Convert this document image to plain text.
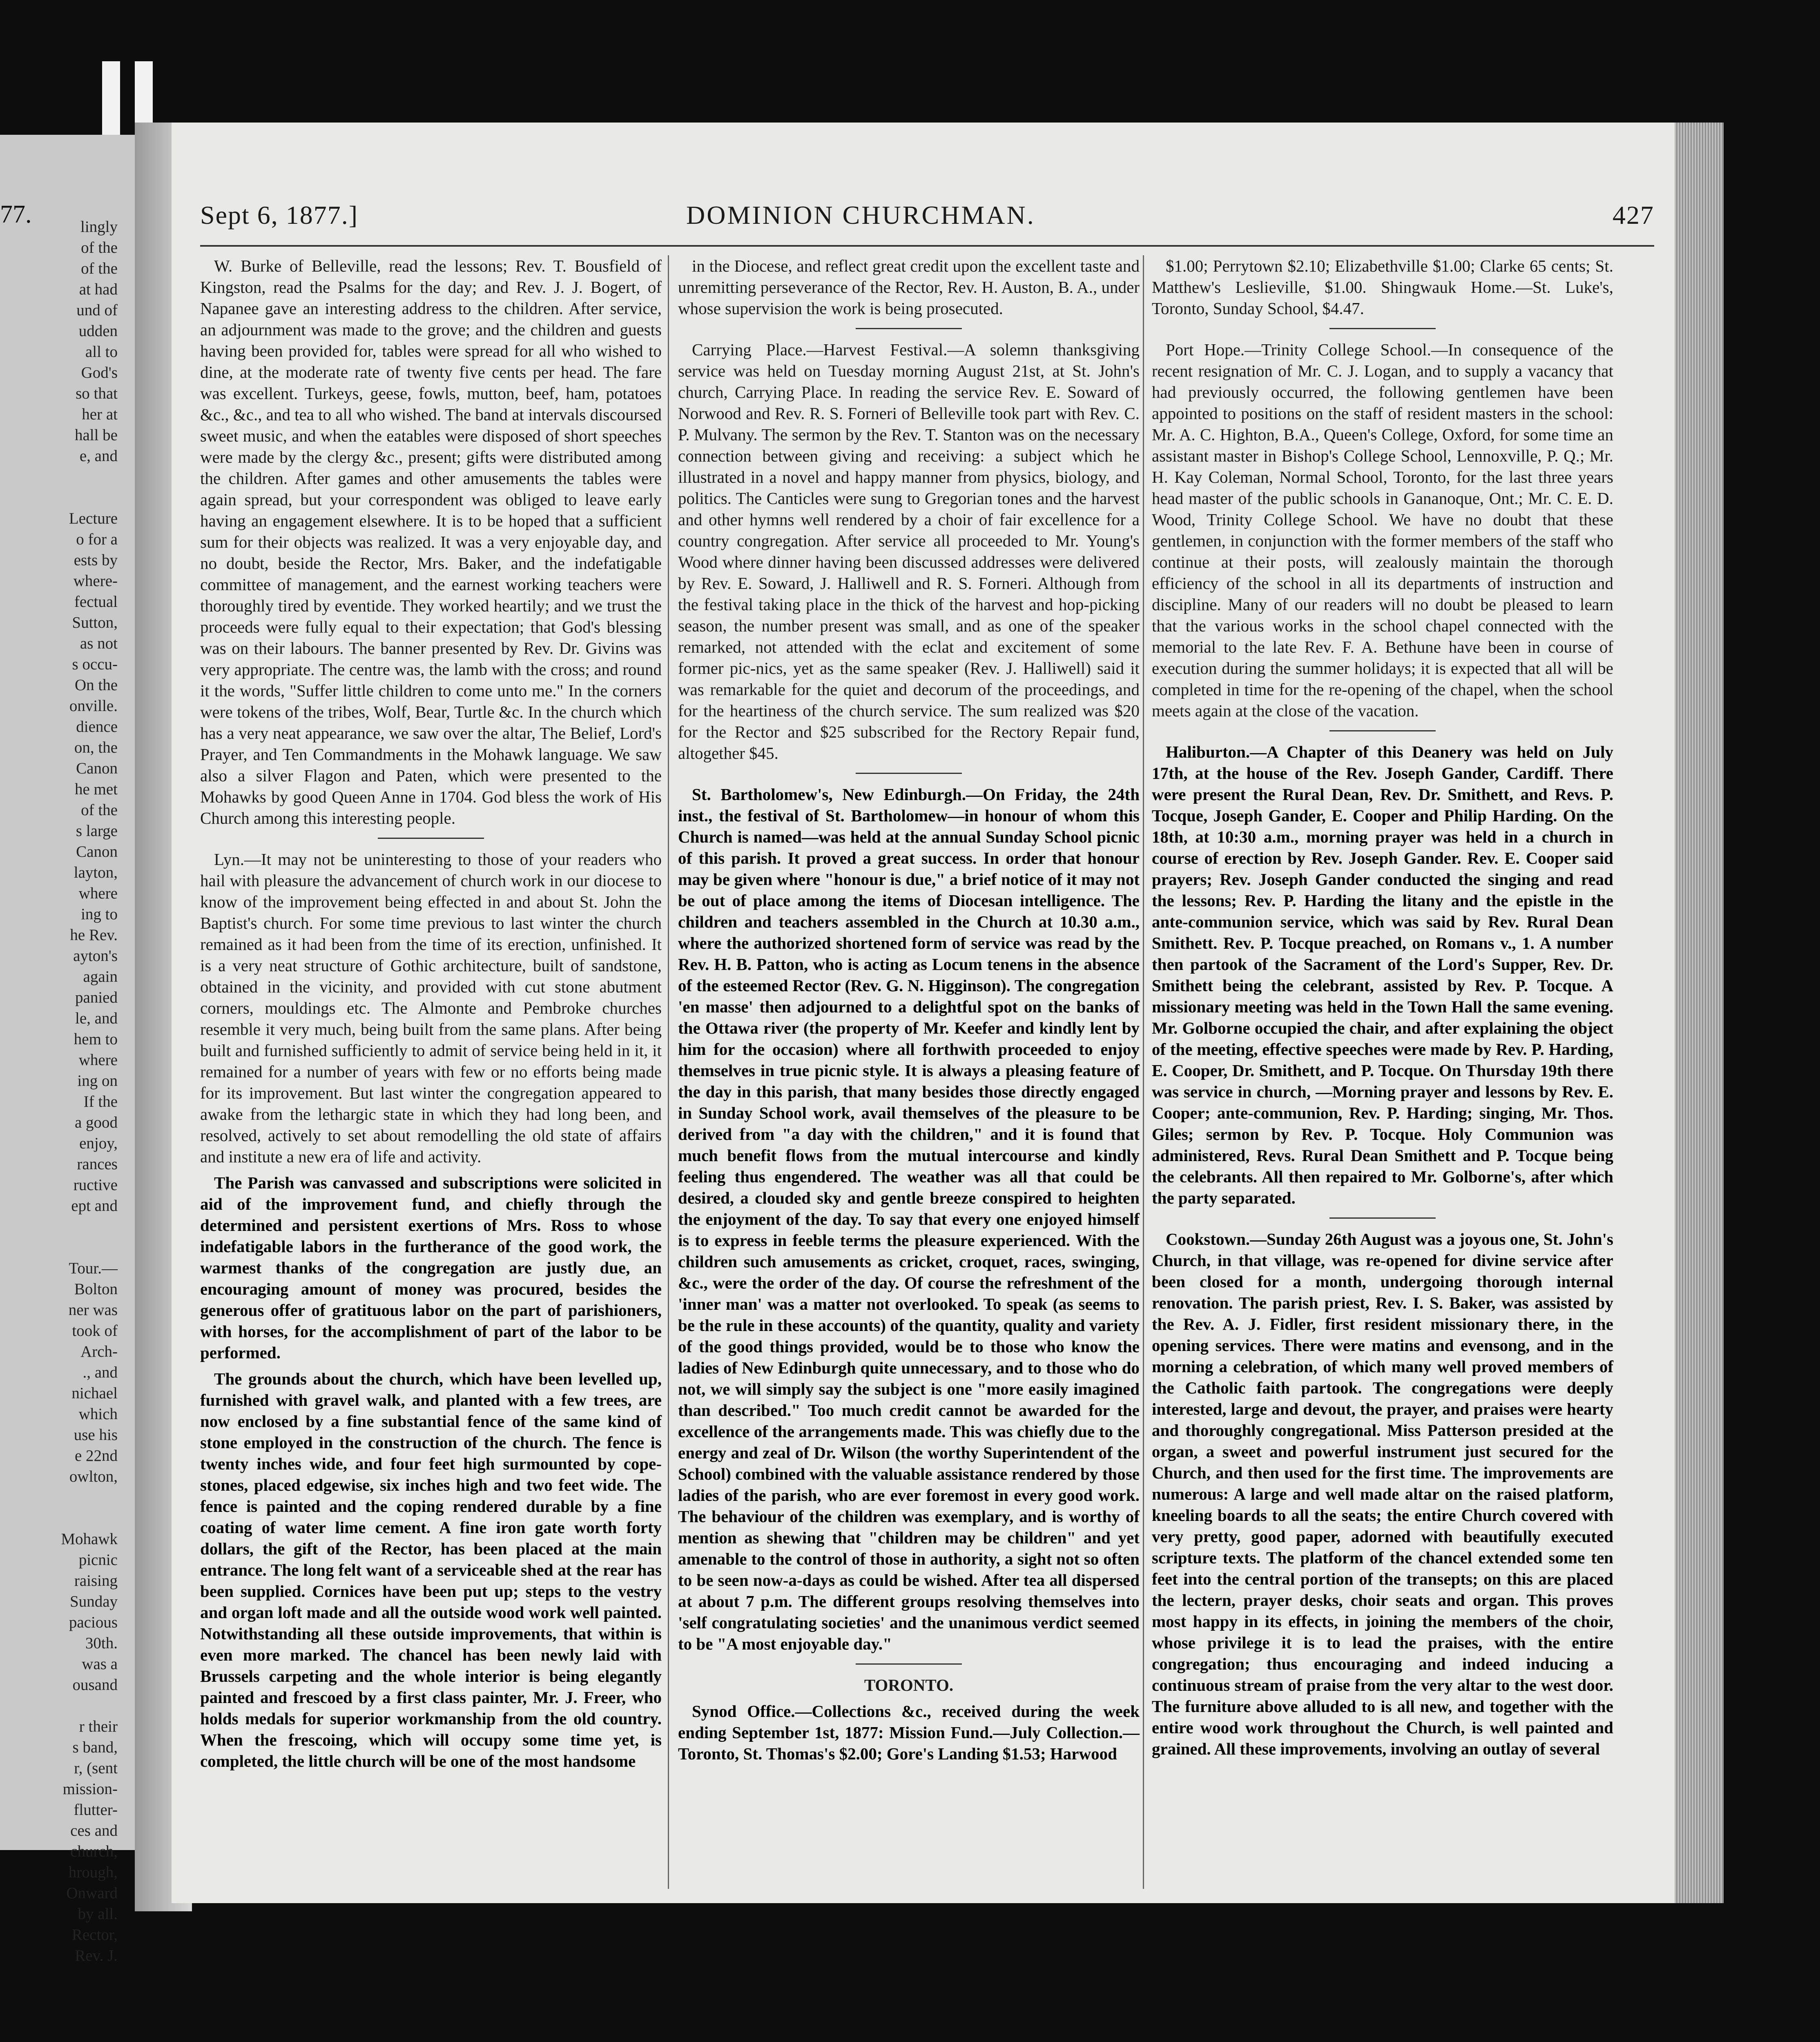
77.	lingly
of the
of the
at had
und of
udden
all to
God's
so that
her at
hall be
e, and

Lecture
o for a
ests by
where-
fectual
Sutton,
as not
s occu-
On the
onville.
dience
on, the
Canon
he met
of the
s large
Canon
layton,
where
ing to
he Rev.
ayton's
again
panied
le, and
hem to
where
ing on
If the
a good
enjoy,
rances
ructive
ept and

Tour.—
Bolton
ner was
took of
Arch-
., and
nichael
which
use his
e 22nd
owlton,

Mohawk
picnic
raising
Sunday
pacious
30th.
was a
ousand

r their
s band,
r, (sent
mission-
flutter-
ces and
church,
hrough,
Onward
by all.
Rector,
Rev. J.
Sept 6, 1877.]	DOMINION CHURCHMAN.	427

W. Burke of Belleville, read the lessons; Rev. T. Bousfield of Kingston, read the Psalms for the day; and Rev. J. J. Bogert, of Napanee gave an interesting address to the children. After service, an adjournment was made to the grove; and the children and guests having been provided for, tables were spread for all who wished to dine, at the moderate rate of twenty five cents per head. The fare was excellent. Turkeys, geese, fowls, mutton, beef, ham, potatoes &c., &c., and tea to all who wished. The band at intervals discoursed sweet music, and when the eatables were disposed of short speeches were made by the clergy &c., present; gifts were distributed among the children. After games and other amusements the tables were again spread, but your correspondent was obliged to leave early having an engagement elsewhere. It is to be hoped that a sufficient sum for their objects was realized. It was a very enjoyable day, and no doubt, beside the Rector, Mrs. Baker, and the indefatigable committee of management, and the earnest working teachers were thoroughly tired by eventide. They worked heartily; and we trust the proceeds were fully equal to their expectation; that God's blessing was on their labours. The banner presented by Rev. Dr. Givins was very appropriate. The centre was, the lamb with the cross; and round it the words, "Suffer little children to come unto me." In the corners were tokens of the tribes, Wolf, Bear, Turtle &c. In the church which has a very neat appearance, we saw over the altar, The Belief, Lord's Prayer, and Ten Commandments in the Mohawk language. We saw also a silver Flagon and Paten, which were presented to the Mohawks by good Queen Anne in 1704. God bless the work of His Church among this interesting people.

Lyn.—It may not be uninteresting to those of your readers who hail with pleasure the advancement of church work in our diocese to know of the improvement being effected in and about St. John the Baptist's church. For some time previous to last winter the church remained as it had been from the time of its erection, unfinished. It is a very neat structure of Gothic architecture, built of sandstone, obtained in the vicinity, and provided with cut stone abutment corners, mouldings etc. The Almonte and Pembroke churches resemble it very much, being built from the same plans. After being built and furnished sufficiently to admit of service being held in it, it remained for a number of years with few or no efforts being made for its improvement. But last winter the congregation appeared to awake from the lethargic state in which they had long been, and resolved, actively to set about remodelling the old state of affairs and institute a new era of life and activity.

The Parish was canvassed and subscriptions were solicited in aid of the improvement fund, and chiefly through the determined and persistent exertions of Mrs. Ross to whose indefatigable labors in the furtherance of the good work, the warmest thanks of the congregation are justly due, an encouraging amount of money was procured, besides the generous offer of gratituous labor on the part of parishioners, with horses, for the accomplishment of part of the labor to be performed.

The grounds about the church, which have been levelled up, furnished with gravel walk, and planted with a few trees, are now enclosed by a fine substantial fence of the same kind of stone employed in the construction of the church. The fence is twenty inches wide, and four feet high surmounted by cope-stones, placed edgewise, six inches high and two feet wide. The fence is painted and the coping rendered durable by a fine coating of water lime cement. A fine iron gate worth forty dollars, the gift of the Rector, has been placed at the main entrance. The long felt want of a serviceable shed at the rear has been supplied. Cornices have been put up; steps to the vestry and organ loft made and all the outside wood work well painted. Notwithstanding all these outside improvements, that within is even more marked. The chancel has been newly laid with Brussels carpeting and the whole interior is being elegantly painted and frescoed by a first class painter, Mr. J. Freer, who holds medals for superior workmanship from the old country. When the frescoing, which will occupy some time yet, is completed, the little church will be one of the most handsome

in the Diocese, and reflect great credit upon the excellent taste and unremitting perseverance of the Rector, Rev. H. Auston, B. A., under whose supervision the work is being prosecuted.

Carrying Place.—Harvest Festival.—A solemn thanksgiving service was held on Tuesday morning August 21st, at St. John's church, Carrying Place. In reading the service Rev. E. Soward of Norwood and Rev. R. S. Forneri of Belleville took part with Rev. C. P. Mulvany. The sermon by the Rev. T. Stanton was on the necessary connection between giving and receiving: a subject which he illustrated in a novel and happy manner from physics, biology, and politics. The Canticles were sung to Gregorian tones and the harvest and other hymns well rendered by a choir of fair excellence for a country congregation. After service all proceeded to Mr. Young's Wood where dinner having been discussed addresses were delivered by Rev. E. Soward, J. Halliwell and R. S. Forneri. Although from the festival taking place in the thick of the harvest and hop-picking season, the number present was small, and as one of the speaker remarked, not attended with the eclat and excitement of some former pic-nics, yet as the same speaker (Rev. J. Halliwell) said it was remarkable for the quiet and decorum of the proceedings, and for the heartiness of the church service. The sum realized was $20 for the Rector and $25 subscribed for the Rectory Repair fund, altogether $45.

St. Bartholomew's, New Edinburgh.—On Friday, the 24th inst., the festival of St. Bartholomew—in honour of whom this Church is named—was held at the annual Sunday School picnic of this parish. It proved a great success. In order that honour may be given where "honour is due," a brief notice of it may not be out of place among the items of Diocesan intelligence. The children and teachers assembled in the Church at 10.30 a.m., where the authorized shortened form of service was read by the Rev. H. B. Patton, who is acting as Locum tenens in the absence of the esteemed Rector (Rev. G. N. Higginson). The congregation 'en masse' then adjourned to a delightful spot on the banks of the Ottawa river (the property of Mr. Keefer and kindly lent by him for the occasion) where all forthwith proceeded to enjoy themselves in true picnic style. It is always a pleasing feature of the day in this parish, that many besides those directly engaged in Sunday School work, avail themselves of the pleasure to be derived from "a day with the children," and it is found that much benefit flows from the mutual intercourse and kindly feeling thus engendered. The weather was all that could be desired, a clouded sky and gentle breeze conspired to heighten the enjoyment of the day. To say that every one enjoyed himself is to express in feeble terms the pleasure experienced. With the children such amusements as cricket, croquet, races, swinging, &c., were the order of the day. Of course the refreshment of the 'inner man' was a matter not overlooked. To speak (as seems to be the rule in these accounts) of the quantity, quality and variety of the good things provided, would be to those who know the ladies of New Edinburgh quite unnecessary, and to those who do not, we will simply say the subject is one "more easily imagined than described." Too much credit cannot be awarded for the excellence of the arrangements made. This was chiefly due to the energy and zeal of Dr. Wilson (the worthy Superintendent of the School) combined with the valuable assistance rendered by those ladies of the parish, who are ever foremost in every good work. The behaviour of the children was exemplary, and is worthy of mention as shewing that "children may be children" and yet amenable to the control of those in authority, a sight not so often to be seen now-a-days as could be wished. After tea all dispersed at about 7 p.m. The different groups resolving themselves into 'self congratulating societies' and the unanimous verdict seemed to be "A most enjoyable day."

TORONTO.

Synod Office.—Collections &c., received during the week ending September 1st, 1877: Mission Fund.—July Collection.—Toronto, St. Thomas's $2.00; Gore's Landing $1.53; Harwood

$1.00; Perrytown $2.10; Elizabethville $1.00; Clarke 65 cents; St. Matthew's Leslieville, $1.00. Shingwauk Home.—St. Luke's, Toronto, Sunday School, $4.47.

Port Hope.—Trinity College School.—In consequence of the recent resignation of Mr. C. J. Logan, and to supply a vacancy that had previously occurred, the following gentlemen have been appointed to positions on the staff of resident masters in the school: Mr. A. C. Highton, B.A., Queen's College, Oxford, for some time an assistant master in Bishop's College School, Lennoxville, P. Q.; Mr. H. Kay Coleman, Normal School, Toronto, for the last three years head master of the public schools in Gananoque, Ont.; Mr. C. E. D. Wood, Trinity College School. We have no doubt that these gentlemen, in conjunction with the former members of the staff who continue at their posts, will zealously maintain the thorough efficiency of the school in all its departments of instruction and discipline. Many of our readers will no doubt be pleased to learn that the various works in the school chapel connected with the memorial to the late Rev. F. A. Bethune have been in course of execution during the summer holidays; it is expected that all will be completed in time for the re-opening of the chapel, when the school meets again at the close of the vacation.

Haliburton.—A Chapter of this Deanery was held on July 17th, at the house of the Rev. Joseph Gander, Cardiff. There were present the Rural Dean, Rev. Dr. Smithett, and Revs. P. Tocque, Joseph Gander, E. Cooper and Philip Harding. On the 18th, at 10:30 a.m., morning prayer was held in a church in course of erection by Rev. Joseph Gander. Rev. E. Cooper said prayers; Rev. Joseph Gander conducted the singing and read the lessons; Rev. P. Harding the litany and the epistle in the ante-communion service, which was said by Rev. Rural Dean Smithett. Rev. P. Tocque preached, on Romans v., 1. A number then partook of the Sacrament of the Lord's Supper, Rev. Dr. Smithett being the celebrant, assisted by Rev. P. Tocque. A missionary meeting was held in the Town Hall the same evening. Mr. Golborne occupied the chair, and after explaining the object of the meeting, effective speeches were made by Rev. P. Harding, E. Cooper, Dr. Smithett, and P. Tocque. On Thursday 19th there was service in church, —Morning prayer and lessons by Rev. E. Cooper; ante-communion, Rev. P. Harding; singing, Mr. Thos. Giles; sermon by Rev. P. Tocque. Holy Communion was administered, Revs. Rural Dean Smithett and P. Tocque being the celebrants. All then repaired to Mr. Golborne's, after which the party separated.

Cookstown.—Sunday 26th August was a joyous one, St. John's Church, in that village, was re-opened for divine service after been closed for a month, undergoing thorough internal renovation. The parish priest, Rev. I. S. Baker, was assisted by the Rev. A. J. Fidler, first resident missionary there, in the opening services. There were matins and evensong, and in the morning a celebration, of which many well proved members of the Catholic faith partook. The congregations were deeply interested, large and devout, the prayer, and praises were hearty and thoroughly congregational. Miss Patterson presided at the organ, a sweet and powerful instrument just secured for the Church, and then used for the first time. The improvements are numerous: A large and well made altar on the raised platform, kneeling boards to all the seats; the entire Church covered with very pretty, good paper, adorned with beautifully executed scripture texts. The platform of the chancel extended some ten feet into the central portion of the transepts; on this are placed the lectern, prayer desks, choir seats and organ. This proves most happy in its effects, in joining the members of the choir, whose privilege it is to lead the praises, with the entire congregation; thus encouraging and indeed inducing a continuous stream of praise from the very altar to the west door. The furniture above alluded to is all new, and together with the entire wood work throughout the Church, is well painted and grained. All these improvements, involving an outlay of several
